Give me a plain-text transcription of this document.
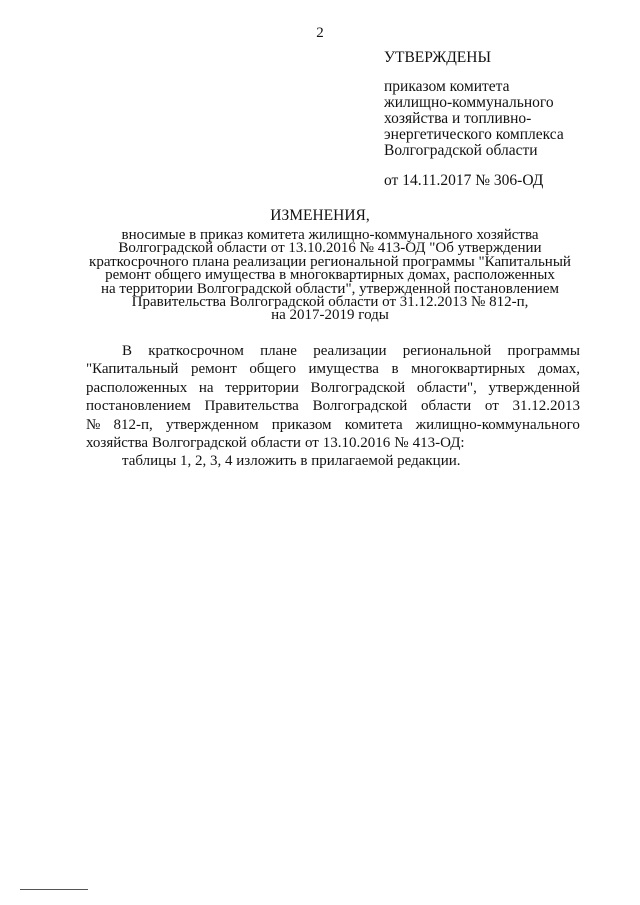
2
УТВЕРЖДЕНЫ
приказом комитета
жилищно-коммунального
хозяйства и топливно-
энергетического комплекса
Волгоградской области
от 14.11.2017 № 306-ОД
ИЗМЕНЕНИЯ,
вносимые в приказ комитета жилищно-коммунального хозяйства
Волгоградской области от 13.10.2016 № 413-ОД "Об утверждении
краткосрочного плана реализации региональной программы "Капитальный
ремонт общего имущества в многоквартирных домах, расположенных
на территории Волгоградской области", утвержденной постановлением
Правительства Волгоградской области от 31.12.2013 № 812-п,
на 2017-2019 годы
В краткосрочном плане реализации региональной программы
"Капитальный ремонт общего имущества в многоквартирных домах,
расположенных на территории Волгоградской области", утвержденной
постановлением Правительства Волгоградской области от 31.12.2013
№ 812-п, утвержденном приказом комитета жилищно-коммунального
хозяйства Волгоградской области от 13.10.2016 № 413-ОД:
таблицы 1, 2, 3, 4 изложить в прилагаемой редакции.
